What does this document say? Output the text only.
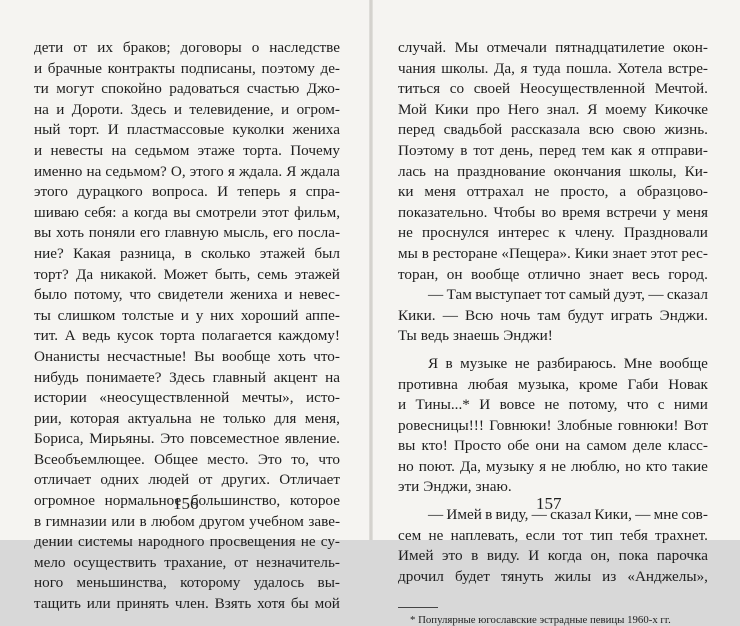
дети от их браков; договоры о наследстве
и брачные контракты подписаны, поэтому де-
ти могут спокойно радоваться счастью Джо-
на и Дороти. Здесь и телевидение, и огром-
ный торт. И пластмассовые куколки жениха
и невесты на седьмом этаже торта. Почему
именно на седьмом? О, этого я ждала. Я ждала
этого дурацкого вопроса. И теперь я спра-
шиваю себя: а когда вы смотрели этот фильм,
вы хоть поняли его главную мысль, его посла-
ние? Какая разница, в сколько этажей был
торт? Да никакой. Может быть, семь этажей
было потому, что свидетели жениха и невес-
ты слишком толстые и у них хороший аппе-
тит. А ведь кусок торта полагается каждому!
Онанисты несчастные! Вы вообще хоть что-
нибудь понимаете? Здесь главный акцент на
истории «неосуществленной мечты», исто-
рии, которая актуальна не только для меня,
Бориса, Мирьяны. Это повсеместное явление.
Всеобъемлющее. Общее место. Это то, что
отличает одних людей от других. Отличает
огромное нормальное большинство, которое
в гимназии или в любом другом учебном заве-
дении системы народного просвещения не су-
мело осуществить трахание, от незначитель-
ного меньшинства, которому удалось вы-
тащить или принять член. Взять хотя бы мой
156
случай. Мы отмечали пятнадцатилетие окон-
чания школы. Да, я туда пошла. Хотела встре-
титься со своей Неосуществленной Мечтой.
Мой Кики про Него знал. Я моему Кикочке
перед свадьбой рассказала всю свою жизнь.
Поэтому в тот день, перед тем как я отправи-
лась на празднование окончания школы, Ки-
ки меня оттрахал не просто, а образцово-
показательно. Чтобы во время встречи у меня
не проснулся интерес к члену. Праздновали
мы в ресторане «Пещера». Кики знает этот рес-
торан, он вообще отлично знает весь город.
— Там выступает тот самый дуэт, — сказал
Кики. — Всю ночь там будут играть Энджи.
Ты ведь знаешь Энджи!
Я в музыке не разбираюсь. Мне вообще
противна любая музыка, кроме Габи Новак
и Тины...* И вовсе не потому, что с ними
ровесницы!!! Говнюки! Злобные говнюки! Вот
вы кто! Просто обе они на самом деле класс-
но поют. Да, музыку я не люблю, но кто такие
эти Энджи, знаю.
— Имей в виду, — сказал Кики, — мне сов-
сем не наплевать, если тот тип тебя трахнет.
Имей это в виду. И когда он, пока парочка
дрочил будет тянуть жилы из «Анджелы»,
* Популярные югославские эстрадные певицы 1960-х гг.
157
